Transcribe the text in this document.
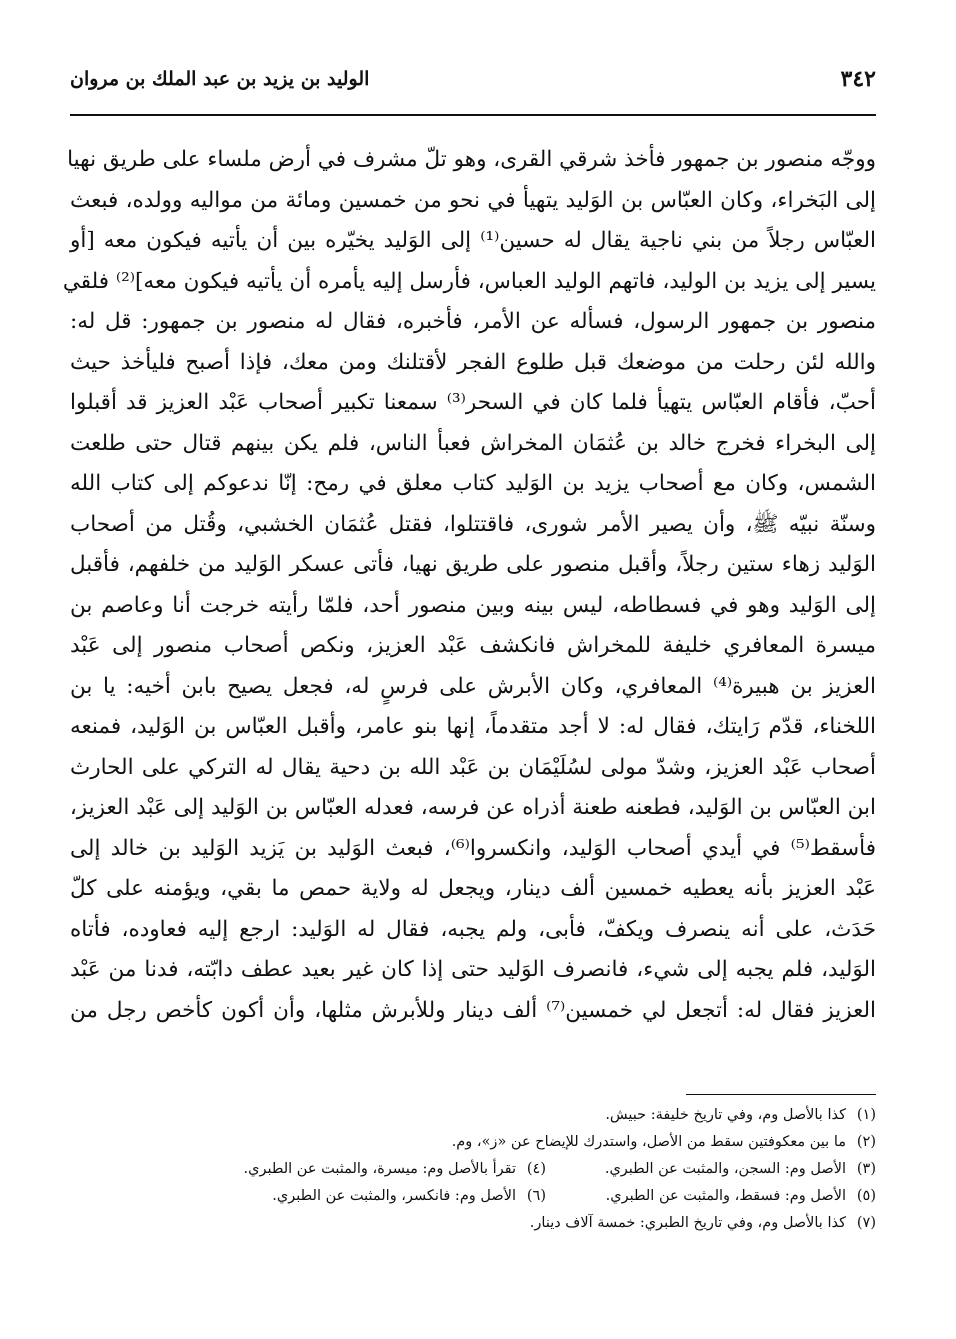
٣٤٢
الوليد بن يزيد بن عبد الملك بن مروان
ووجّه منصور بن جمهور فأخذ شرقي القرى، وهو تلّ مشرف في أرض ملساء على طريق نهيا
إلى البَخراء، وكان العبّاس بن الوَليد يتهيأ في نحو من خمسين ومائة من مواليه وولده، فبعث
العبّاس رجلاً من بني ناجية يقال له حسين⁽¹⁾ إلى الوَليد يخيّره بين أن يأتيه فيكون معه [أو
يسير إلى يزيد بن الوليد، فاتهم الوليد العباس، فأرسل إليه يأمره أن يأتيه فيكون معه]⁽²⁾ فلقي
منصور بن جمهور الرسول، فسأله عن الأمر، فأخبره، فقال له منصور بن جمهور: قل له:
والله لئن رحلت من موضعك قبل طلوع الفجر لأقتلنك ومن معك، فإذا أصبح فليأخذ حيث
أحبّ، فأقام العبّاس يتهيأ فلما كان في السحر⁽³⁾ سمعنا تكبير أصحاب عَبْد العزيز قد أقبلوا
إلى البخراء فخرج خالد بن عُثمَان المخراش فعبأ الناس، فلم يكن بينهم قتال حتى طلعت
الشمس، وكان مع أصحاب يزيد بن الوَليد كتاب معلق في رمح: إنّا ندعوكم إلى كتاب الله
وسنّة نبيّه ﷺ، وأن يصير الأمر شورى، فاقتتلوا، فقتل عُثمَان الخشبي، وقُتل من أصحاب
الوَليد زهاء ستين رجلاً، وأقبل منصور على طريق نهيا، فأتى عسكر الوَليد من خلفهم، فأقبل
إلى الوَليد وهو في فسطاطه، ليس بينه وبين منصور أحد، فلمّا رأيته خرجت أنا وعاصم بن
ميسرة المعافري خليفة للمخراش فانكشف عَبْد العزيز، ونكص أصحاب منصور إلى عَبْد
العزيز بن هبيرة⁽⁴⁾ المعافري، وكان الأبرش على فرسٍ له، فجعل يصيح بابن أخيه: يا بن
اللخناء، قدّم رَايتك، فقال له: لا أجد متقدماً، إنها بنو عامر، وأقبل العبّاس بن الوَليد، فمنعه
أصحاب عَبْد العزيز، وشدّ مولى لسُلَيْمَان بن عَبْد الله بن دحية يقال له التركي على الحارث
ابن العبّاس بن الوَليد، فطعنه طعنة أذراه عن فرسه، فعدله العبّاس بن الوَليد إلى عَبْد العزيز،
فأسقط⁽⁵⁾ في أيدي أصحاب الوَليد، وانكسروا⁽⁶⁾، فبعث الوَليد بن يَزيد الوَليد بن خالد إلى
عَبْد العزيز بأنه يعطيه خمسين ألف دينار، ويجعل له ولاية حمص ما بقي، ويؤمنه على كلّ
حَدَث، على أنه ينصرف ويكفّ، فأبى، ولم يجبه، فقال له الوَليد: ارجع إليه فعاوده، فأتاه
الوَليد، فلم يجبه إلى شيء، فانصرف الوَليد حتى إذا كان غير بعيد عطف دابّته، فدنا من عَبْد
العزيز فقال له: أتجعل لي خمسين⁽⁷⁾ ألف دينار وللأبرش مثلها، وأن أكون كأخص رجل من
(١)كذا بالأصل وم، وفي تاريخ خليفة: حبيش.
(٢)ما بين معكوفتين سقط من الأصل، واستدرك للإيضاح عن «ز»، وم.
(٣)الأصل وم: السجن، والمثبت عن الطبري.
(٤)تقرأ بالأصل وم: ميسرة، والمثبت عن الطبري.
(٥)الأصل وم: فسقط، والمثبت عن الطبري.
(٦)الأصل وم: فانكسر، والمثبت عن الطبري.
(٧)كذا بالأصل وم، وفي تاريخ الطبري: خمسة آلاف دينار.
